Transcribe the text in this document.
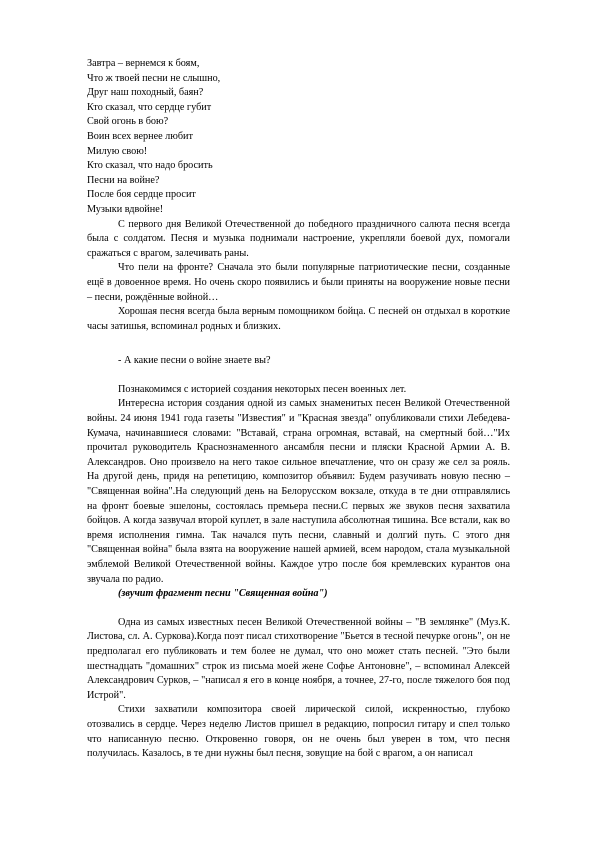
Завтра – вернемся к боям,
Что ж твоей песни не слышно,
Друг наш походный, баян?
Кто сказал, что сердце губит
Свой огонь в бою?
Воин всех вернее любит
Милую свою!
Кто сказал, что надо бросить
Песни на войне?
После боя сердце просит
Музыки вдвойне!

С первого дня Великой Отечественной до победного праздничного салюта песня всегда была с солдатом. Песня и музыка поднимали настроение, укрепляли боевой дух, помогали сражаться с врагом, залечивать раны.

Что пели на фронте? Сначала это были популярные патриотические песни, созданные ещё в довоенное время. Но очень скоро появились и были приняты на вооружение новые песни – песни, рождённые войной…

Хорошая песня всегда была верным помощником бойца. С песней он отдыхал в короткие часы затишья, вспоминал родных и близких.

- А какие песни о войне знаете вы?

Познакомимся с историей создания некоторых песен военных лет.

Интересна история создания одной из самых знаменитых песен Великой Отечественной войны. 24 июня 1941 года газеты "Известия" и "Красная звезда" опубликовали стихи Лебедева-Кумача, начинавшиеся словами: "Вставай, страна огромная, вставай, на смертный бой…"Их прочитал руководитель Краснознаменного ансамбля песни и пляски Красной Армии А. В. Александров. Оно произвело на него такое сильное впечатление, что он сразу же сел за рояль. На другой день, придя на репетицию, композитор объявил: Будем разучивать новую песню – "Священная война".На следующий день на Белорусском вокзале, откуда в те дни отправлялись на фронт боевые эшелоны, состоялась премьера песни.С первых же звуков песня захватила бойцов. А когда зазвучал второй куплет, в зале наступила абсолютная тишина. Все встали, как во время исполнения гимна. Так начался путь песни, славный и долгий путь. С этого дня "Священная война" была взята на вооружение нашей армией, всем народом, стала музыкальной эмблемой Великой Отечественной войны. Каждое утро после боя кремлевских курантов она звучала по радио.

(звучит фрагмент песни "Священная война")

Одна из самых известных песен Великой Отечественной войны – "В землянке" (Муз.К. Листова, сл. А. Суркова).Когда поэт писал стихотворение "Бьется в тесной печурке огонь", он не предполагал его публиковать и тем более не думал, что оно может стать песней. "Это были шестнадцать "домашних" строк из письма моей жене Софье Антоновне", – вспоминал Алексей Александрович Сурков, – "написал я его в конце ноября, а точнее, 27-го, после тяжелого боя под Истрой".

Стихи захватили композитора своей лирической силой, искренностью, глубоко отозвались в сердце. Через неделю Листов пришел в редакцию, попросил гитару и спел только что написанную песню. Откровенно говоря, он не очень был уверен в том, что песня получилась. Казалось, в те дни нужны был песня, зовущие на бой с врагом, а он написал
